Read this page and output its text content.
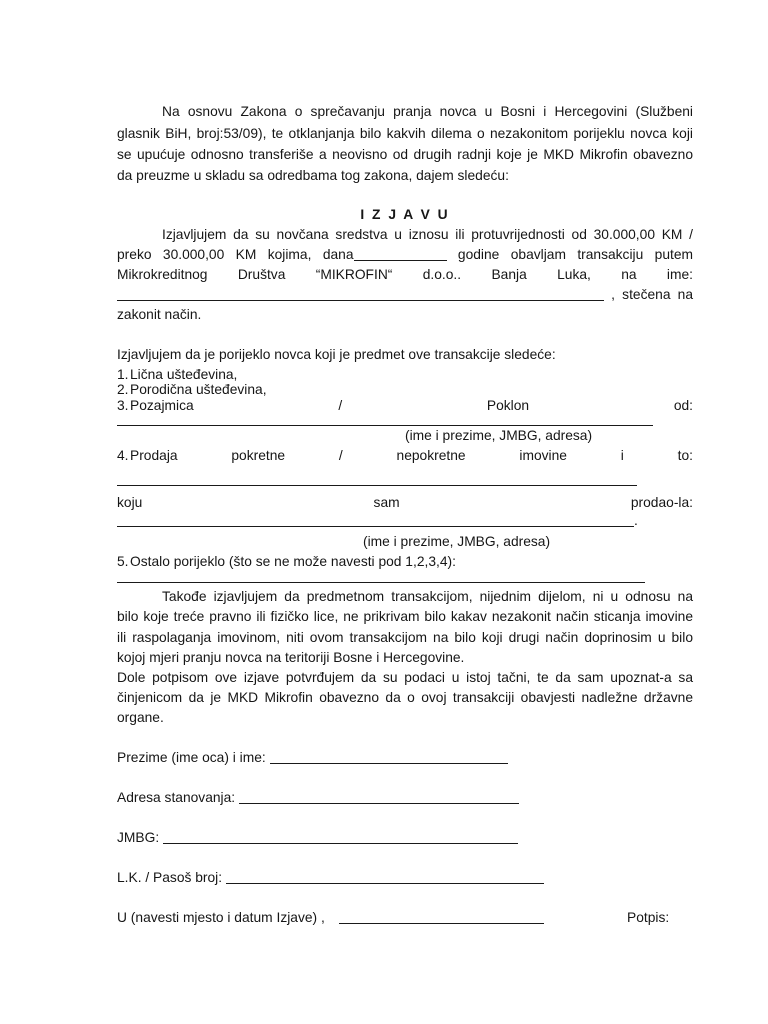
Na osnovu Zakona o sprečavanju pranja novca u Bosni i Hercegovini (Službeni
glasnik BiH, broj:53/09), te otklanjanja bilo kakvih dilema o nezakonitom porijeklu novca koji
se upućuje odnosno transferiše a neovisno od drugih radnji koje je MKD Mikrofin obavezno
da preuzme u skladu sa odredbama tog zakona, dajem sledeću:
I Z J A V U
Izjavljujem da su novčana sredstva u iznosu ili protuvrijednosti od 30.000,00 KM /
preko 30.000,00 KM kojima, dana	godine obavljam transakciju putem
Mikrokreditnog Društva “MIKROFIN“ d.o.o.. Banja Luka, na ime:
, stečena na
zakonit način.
Izjavljujem da je porijeklo novca koji je predmet ove transakcije sledeće:
1. Lična ušteđevina,
2. Porodična ušteđevina,
3. Pozajmica / Poklon od:
(ime i prezime, JMBG, adresa)
4. Prodaja pokretne / nepokretne imovine i to:
koju sam prodao-la:
.
(ime i prezime, JMBG, adresa)
5. Ostalo porijeklo (što se ne može navesti pod 1,2,3,4):
Takođe izjavljujem da predmetnom transakcijom, nijednim dijelom, ni u odnosu na
bilo koje treće pravno ili fizičko lice, ne prikrivam bilo kakav nezakonit način sticanja imovine
ili raspolaganja imovinom, niti ovom transakcijom na bilo koji drugi način doprinosim u bilo
kojoj mjeri pranju novca na teritoriji Bosne i Hercegovine.
Dole potpisom ove izjave potvrđujem da su podaci u istoj tačni, te da sam upoznat-a sa
činjenicom da je MKD Mikrofin obavezno da o ovoj transakciji obavjesti nadležne državne
organe.
Prezime (ime oca) i ime:
Adresa stanovanja:
JMBG:
L.K. / Pasoš broj:
U (navesti mjesto i datum Izjave) ,	Potpis:
